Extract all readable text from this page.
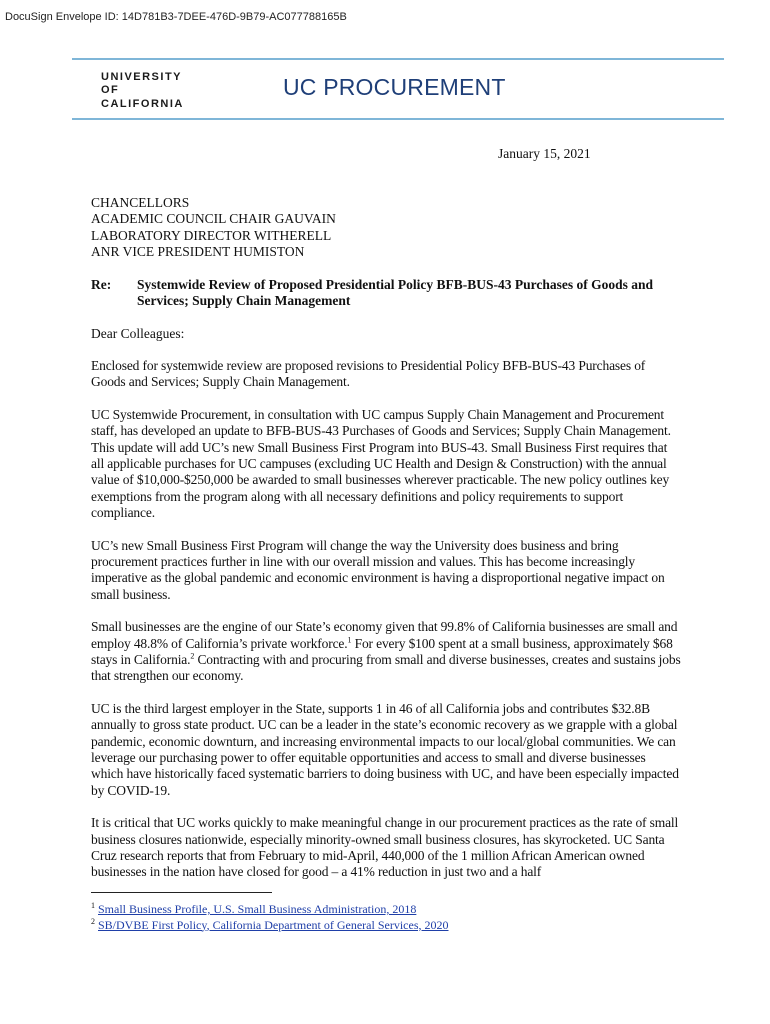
DocuSign Envelope ID: 14D781B3-7DEE-476D-9B79-AC077788165B
UNIVERSITY
OF
CALIFORNIA
UC PROCUREMENT
January 15, 2021
CHANCELLORS
ACADEMIC COUNCIL CHAIR GAUVAIN
LABORATORY DIRECTOR WITHERELL
ANR VICE PRESIDENT HUMISTON
Re: Systemwide Review of Proposed Presidential Policy BFB-BUS-43 Purchases of Goods and Services; Supply Chain Management
Dear Colleagues:

Enclosed for systemwide review are proposed revisions to Presidential Policy BFB-BUS-43 Purchases of Goods and Services; Supply Chain Management.

UC Systemwide Procurement, in consultation with UC campus Supply Chain Management and Procurement staff, has developed an update to BFB-BUS-43 Purchases of Goods and Services; Supply Chain Management. This update will add UC’s new Small Business First Program into BUS-43. Small Business First requires that all applicable purchases for UC campuses (excluding UC Health and Design & Construction) with the annual value of $10,000-$250,000 be awarded to small businesses wherever practicable. The new policy outlines key exemptions from the program along with all necessary definitions and policy requirements to support compliance.

UC’s new Small Business First Program will change the way the University does business and bring procurement practices further in line with our overall mission and values. This has become increasingly imperative as the global pandemic and economic environment is having a disproportional negative impact on small business.

Small businesses are the engine of our State’s economy given that 99.8% of California businesses are small and employ 48.8% of California’s private workforce.$^1$ For every $100 spent at a small business, approximately $68 stays in California.$^2$ Contracting with and procuring from small and diverse businesses, creates and sustains jobs that strengthen our economy.

UC is the third largest employer in the State, supports 1 in 46 of all California jobs and contributes $32.8B annually to gross state product. UC can be a leader in the state’s economic recovery as we grapple with a global pandemic, economic downturn, and increasing environmental impacts to our local/global communities. We can leverage our purchasing power to offer equitable opportunities and access to small and diverse businesses which have historically faced systematic barriers to doing business with UC, and have been especially impacted by COVID-19.

It is critical that UC works quickly to make meaningful change in our procurement practices as the rate of small business closures nationwide, especially minority-owned small business closures, has skyrocketed. UC Santa Cruz research reports that from February to mid-April, 440,000 of the 1 million African American owned businesses in the nation have closed for good – a 41% reduction in just two and a half

$^1$ Small Business Profile, U.S. Small Business Administration, 2018
$^2$ SB/DVBE First Policy, California Department of General Services, 2020
